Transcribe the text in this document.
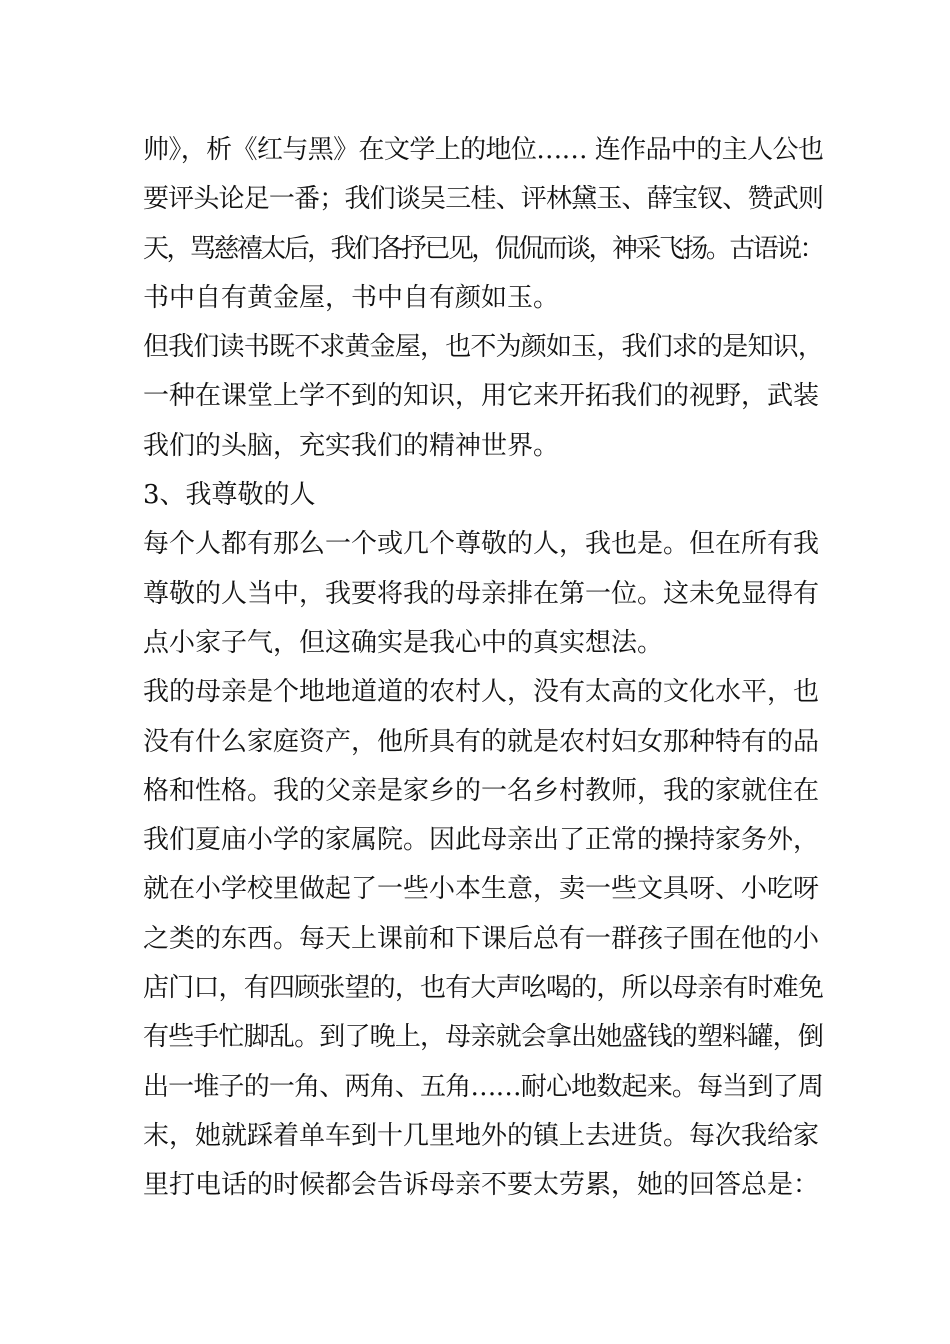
帅》，析《红与黑》在文学上的地位…… 连作品中的主人公也
要评头论足一番；我们谈吴三桂、评林黛玉、薛宝钗、赞武则
天，骂慈禧太后，我们各抒已见，侃侃而谈，神采飞扬。古语说：
书中自有黄金屋，书中自有颜如玉。
但我们读书既不求黄金屋，也不为颜如玉，我们求的是知识，
一种在课堂上学不到的知识，用它来开拓我们的视野，武装
我们的头脑，充实我们的精神世界。
3、我尊敬的人
每个人都有那么一个或几个尊敬的人，我也是。但在所有我
尊敬的人当中，我要将我的母亲排在第一位。这未免显得有
点小家子气，但这确实是我心中的真实想法。
我的母亲是个地地道道的农村人，没有太高的文化水平，也
没有什么家庭资产，他所具有的就是农村妇女那种特有的品
格和性格。我的父亲是家乡的一名乡村教师，我的家就住在
我们夏庙小学的家属院。因此母亲出了正常的操持家务外，
就在小学校里做起了一些小本生意，卖一些文具呀、小吃呀
之类的东西。每天上课前和下课后总有一群孩子围在他的小
店门口，有四顾张望的，也有大声吆喝的，所以母亲有时难免
有些手忙脚乱。到了晚上，母亲就会拿出她盛钱的塑料罐，倒
出一堆子的一角、两角、五角……耐心地数起来。每当到了周
末，她就踩着单车到十几里地外的镇上去进货。每次我给家
里打电话的时候都会告诉母亲不要太劳累，她的回答总是：
